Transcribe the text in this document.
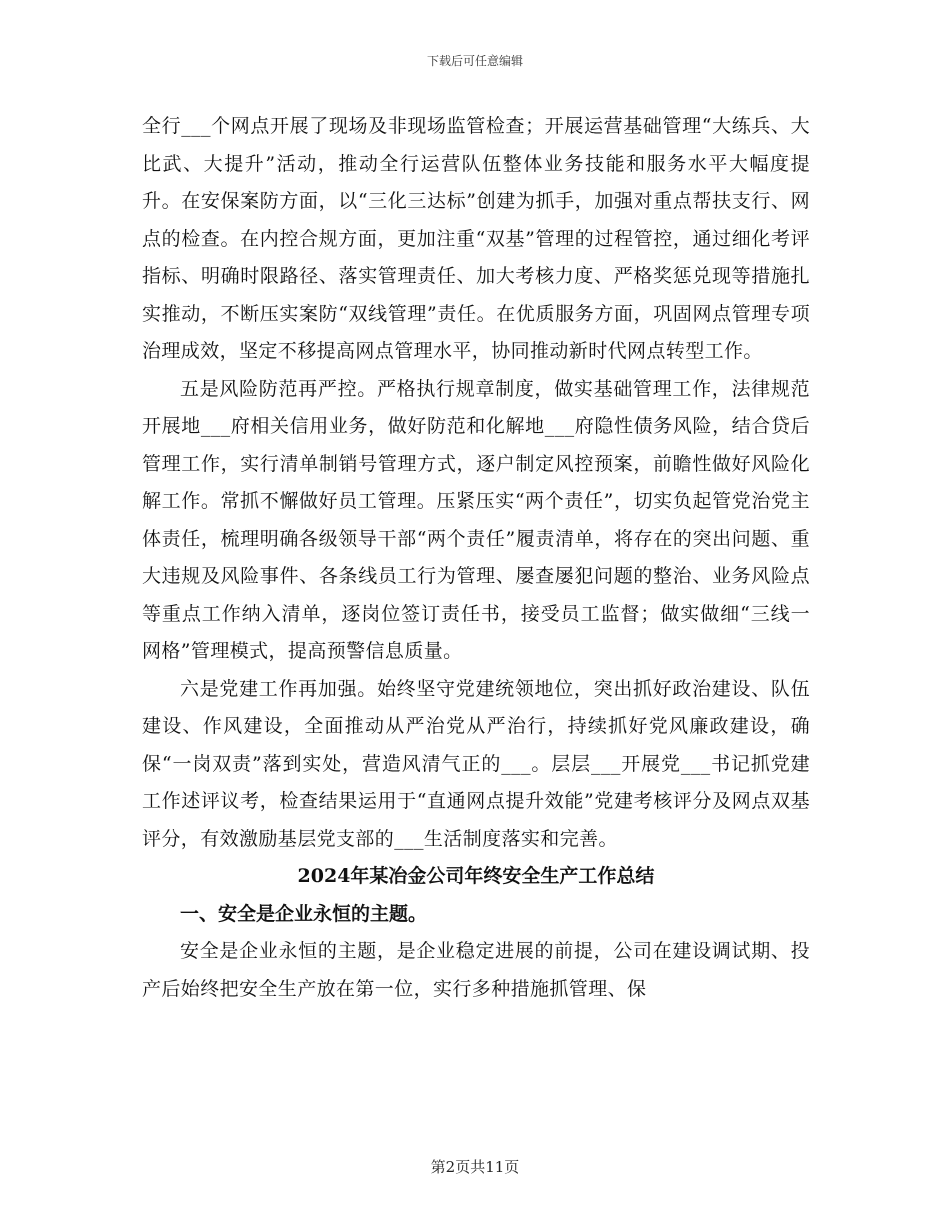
下载后可任意编辑

全行___个网点开展了现场及非现场监管检查；开展运营基础管理“大练兵、大比武、大提升”活动，推动全行运营队伍整体业务技能和服务水平大幅度提升。在安保案防方面，以“三化三达标”创建为抓手，加强对重点帮扶支行、网点的检查。在内控合规方面，更加注重“双基”管理的过程管控，通过细化考评指标、明确时限路径、落实管理责任、加大考核力度、严格奖惩兑现等措施扎实推动，不断压实案防“双线管理”责任。在优质服务方面，巩固网点管理专项治理成效，坚定不移提高网点管理水平，协同推动新时代网点转型工作。

五是风险防范再严控。严格执行规章制度，做实基础管理工作，法律规范开展地___府相关信用业务，做好防范和化解地___府隐性债务风险，结合贷后管理工作，实行清单制销号管理方式，逐户制定风控预案，前瞻性做好风险化解工作。常抓不懈做好员工管理。压紧压实“两个责任”，切实负起管党治党主体责任，梳理明确各级领导干部“两个责任”履责清单，将存在的突出问题、重大违规及风险事件、各条线员工行为管理、屡查屡犯问题的整治、业务风险点等重点工作纳入清单，逐岗位签订责任书，接受员工监督；做实做细“三线一网格”管理模式，提高预警信息质量。

六是党建工作再加强。始终坚守党建统领地位，突出抓好政治建设、队伍建设、作风建设，全面推动从严治党从严治行，持续抓好党风廉政建设，确保“一岗双责”落到实处，营造风清气正的___。层层___开展党___书记抓党建工作述评议考，检查结果运用于“直通网点提升效能”党建考核评分及网点双基评分，有效激励基层党支部的___生活制度落实和完善。

2024年某冶金公司年终安全生产工作总结
一、安全是企业永恒的主题。

安全是企业永恒的主题，是企业稳定进展的前提，公司在建设调试期、投产后始终把安全生产放在第一位，实行多种措施抓管理、保

第2页共11页
